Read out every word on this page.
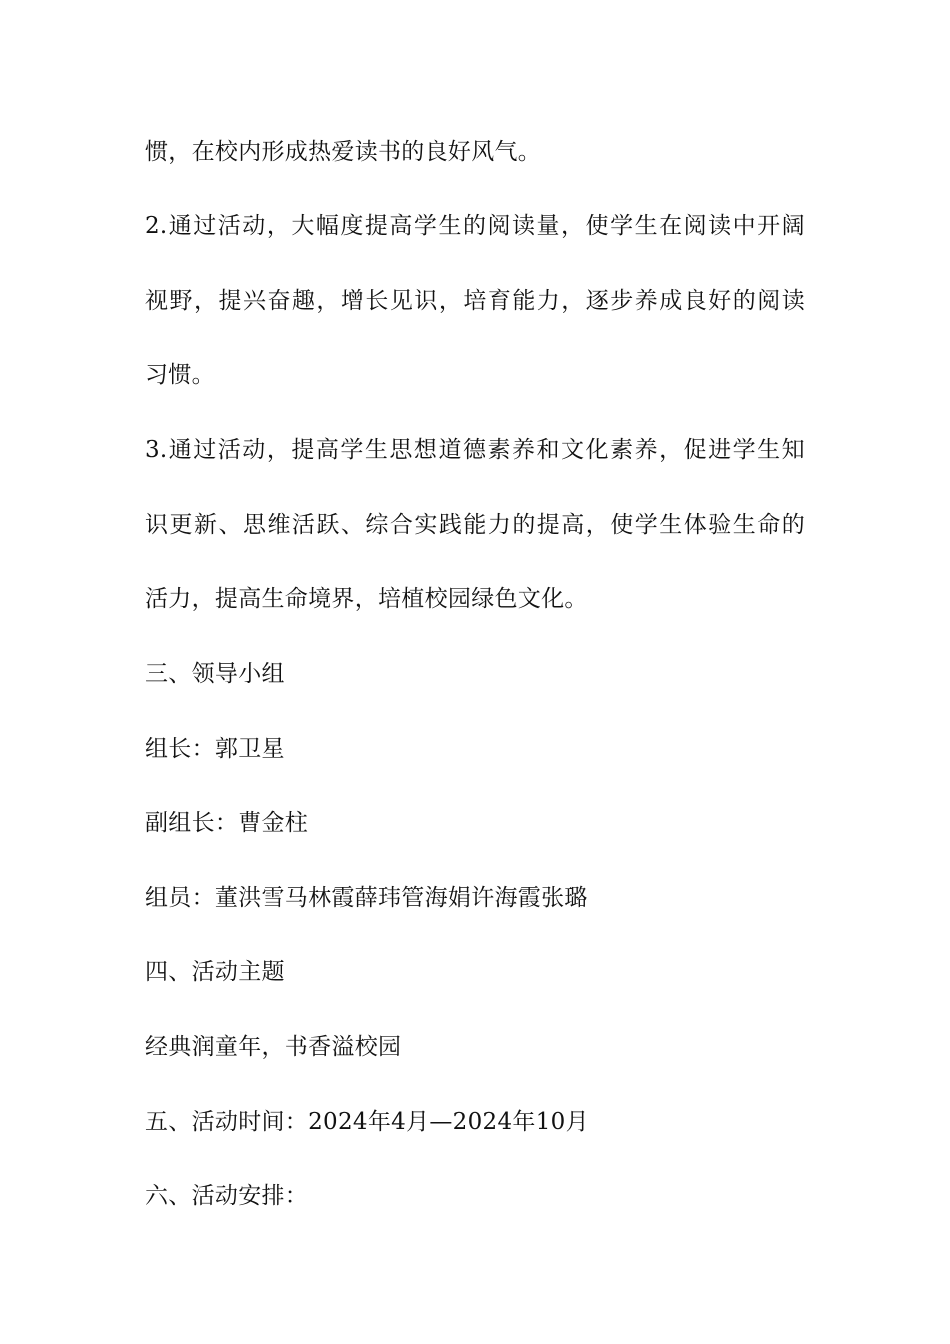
惯，在校内形成热爱读书的良好风气。

2.通过活动，大幅度提高学生的阅读量，使学生在阅读中开阔

视野，提兴奋趣，增长见识，培育能力，逐步养成良好的阅读

习惯。

3.通过活动，提高学生思想道德素养和文化素养，促进学生知

识更新、思维活跃、综合实践能力的提高，使学生体验生命的

活力，提高生命境界，培植校园绿色文化。

三、领导小组

组长：郭卫星

副组长：曹金柱

组员：董洪雪马林霞薛玮管海娟许海霞张璐

四、活动主题

经典润童年，书香溢校园

五、活动时间：2024年4月—2024年10月

六、活动安排：
